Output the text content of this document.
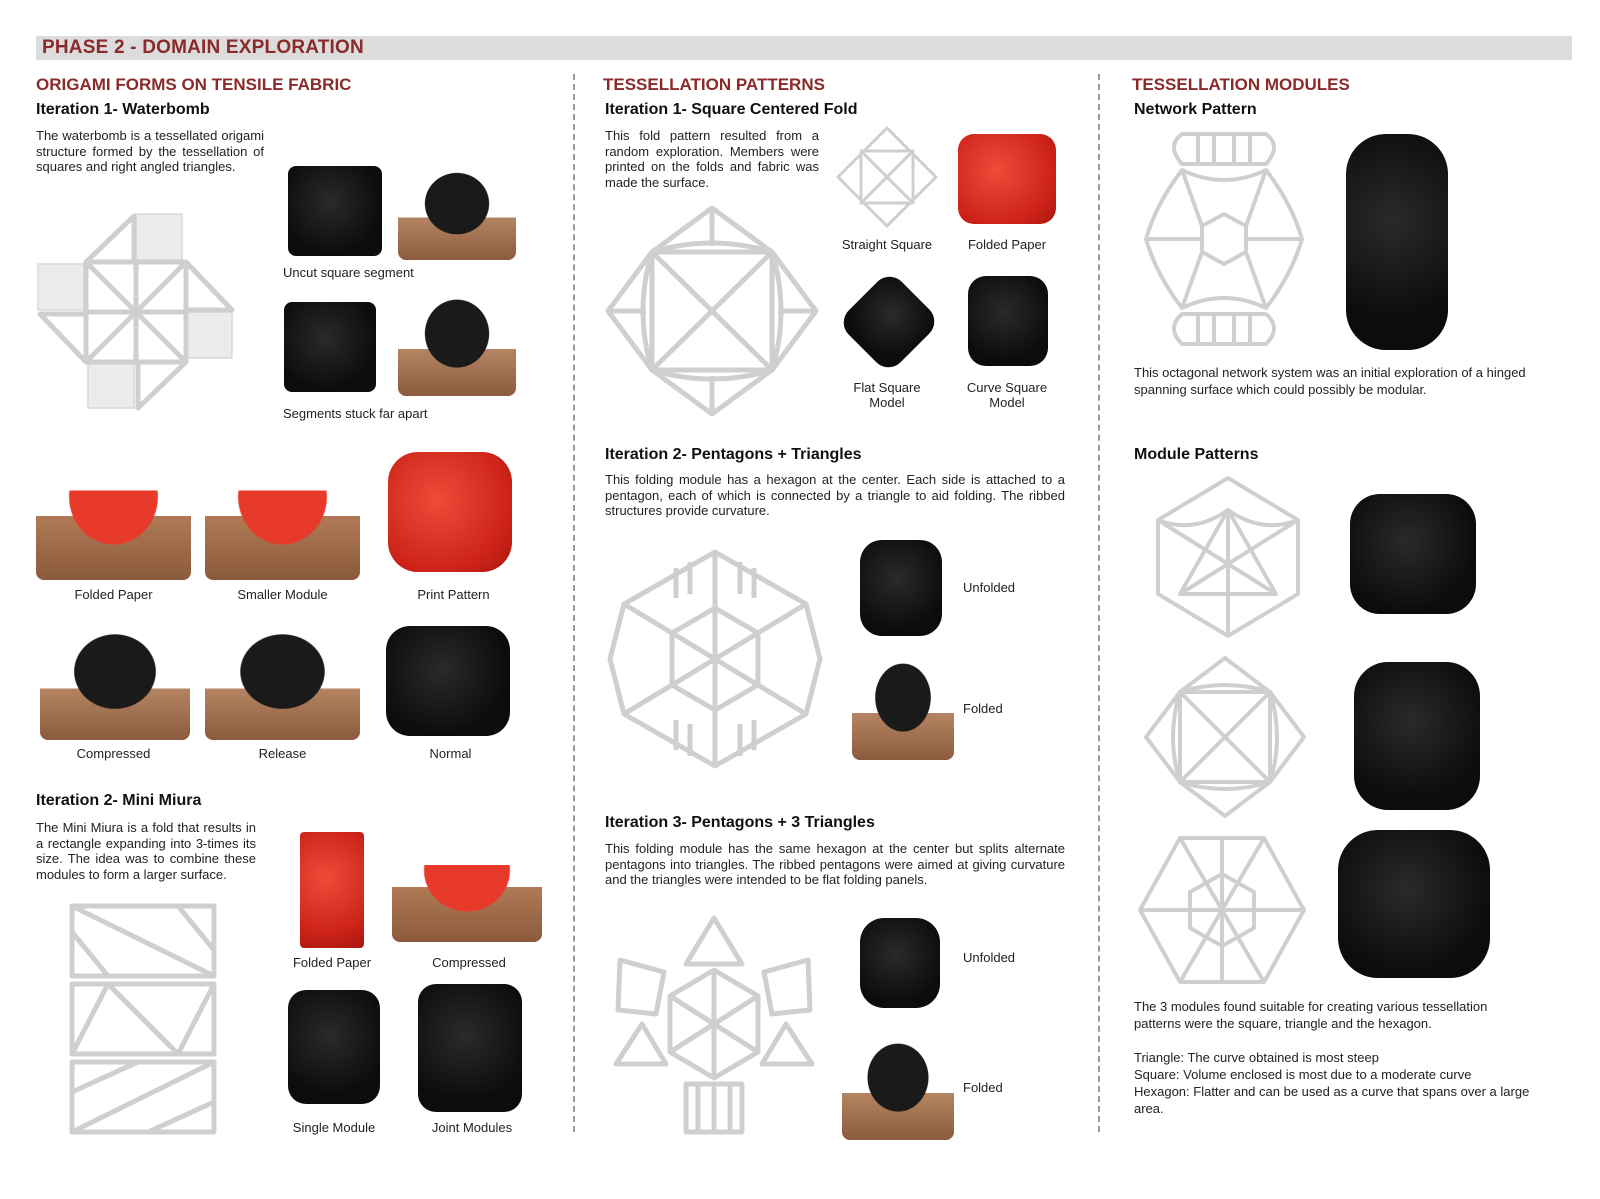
PHASE 2 - DOMAIN EXPLORATION
ORIGAMI FORMS ON TENSILE FABRIC
Iteration 1- Waterbomb
The waterbomb is a tessellated origami structure formed by the tessellation of squares and right angled triangles.
Uncut square segment
Segments stuck far apart
Folded Paper	Smaller Module	Print Pattern
Compressed	Release	Normal
Iteration 2- Mini Miura
The Mini Miura is a fold that results in a rectangle expanding into 3-times its size. The idea was to combine these modules to form a larger surface.
Folded Paper	Compressed
Single Module	Joint Modules
TESSELLATION PATTERNS
Iteration 1- Square Centered Fold
This fold pattern resulted from a random exploration. Members were printed on the folds and fabric was made the surface.
Straight Square	Folded Paper
Flat Square
Model
Curve Square
Model
Iteration 2- Pentagons + Triangles
This folding module has a hexagon at the center. Each side is attached to a pentagon, each of which is connected by a triangle to aid folding. The ribbed structures provide curvature.
Unfolded
Folded
Iteration 3- Pentagons + 3 Triangles
This folding module has the same hexagon at the center but splits alternate pentagons into triangles. The ribbed pentagons were aimed at giving curvature and the triangles were intended to be flat folding panels.
Unfolded
Folded
TESSELLATION MODULES
Network Pattern
This octagonal network system was an initial exploration of a hinged spanning surface which could possibly be modular.
Module Patterns
The 3 modules found suitable for creating various tessellation patterns were the square, triangle and the hexagon.
Triangle: The curve obtained is most steep
Square: Volume enclosed is most due to a moderate curve
Hexagon: Flatter and can be used as a curve that spans over a large area.
